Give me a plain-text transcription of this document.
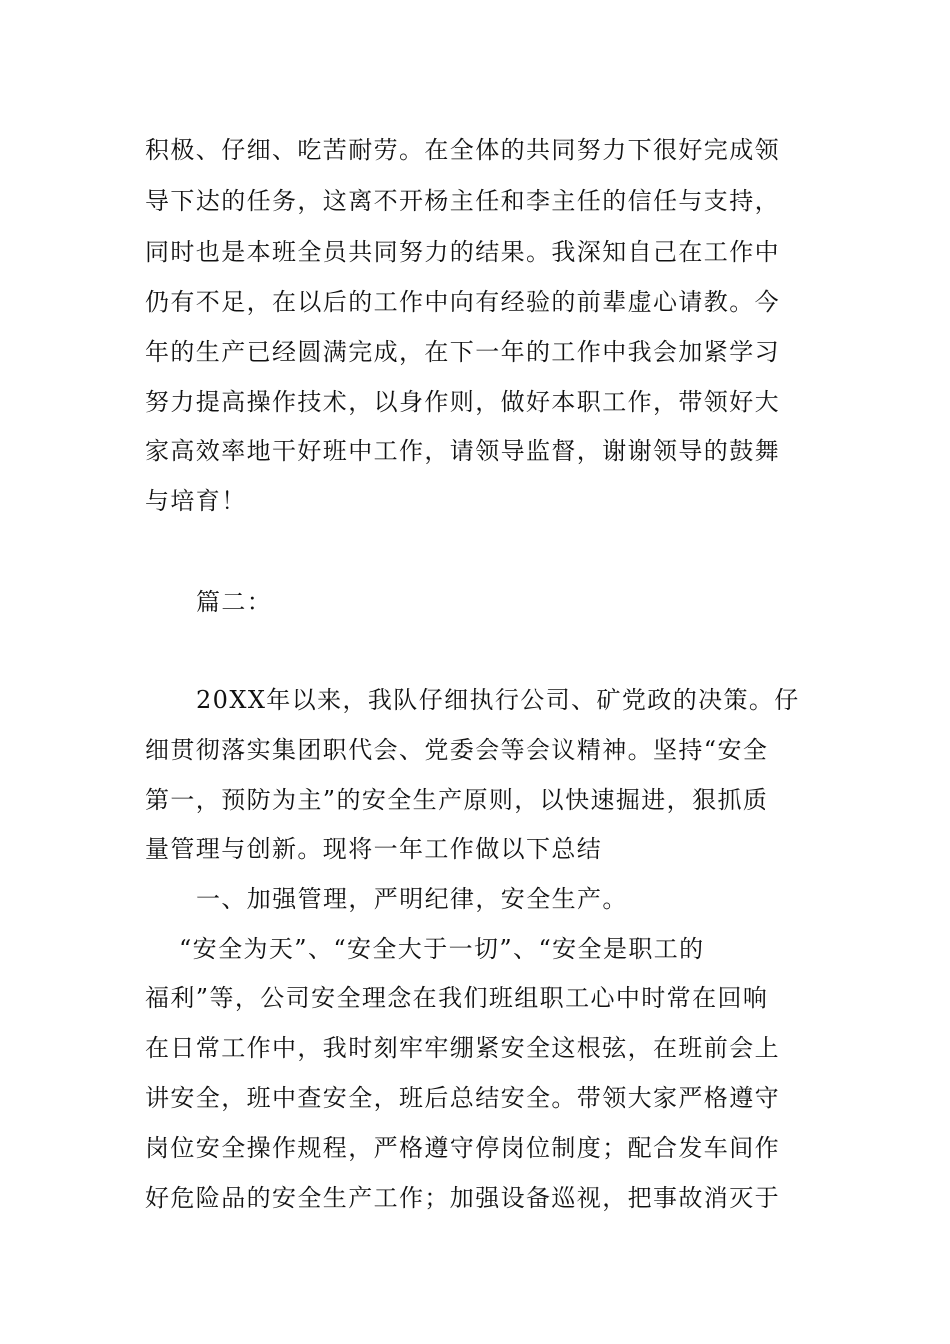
积极、仔细、吃苦耐劳。在全体的共同努力下很好完成领
导下达的任务，这离不开杨主任和李主任的信任与支持，
同时也是本班全员共同努力的结果。我深知自己在工作中
仍有不足，在以后的工作中向有经验的前辈虚心请教。今
年的生产已经圆满完成，在下一年的工作中我会加紧学习
努力提高操作技术，以身作则，做好本职工作，带领好大
家高效率地干好班中工作，请领导监督，谢谢领导的鼓舞
与培育！
篇二：
20XX年以来，我队仔细执行公司、矿党政的决策。仔
细贯彻落实集团职代会、党委会等会议精神。坚持“安全
第一，预防为主”的安全生产原则，以快速掘进，狠抓质
量管理与创新。现将一年工作做以下总结
一、加强管理，严明纪律，安全生产。
“安全为天”、“安全大于一切”、“安全是职工的
福利”等，公司安全理念在我们班组职工心中时常在回响
在日常工作中，我时刻牢牢绷紧安全这根弦，在班前会上
讲安全，班中查安全，班后总结安全。带领大家严格遵守
岗位安全操作规程，严格遵守停岗位制度；配合发车间作
好危险品的安全生产工作；加强设备巡视，把事故消灭于
